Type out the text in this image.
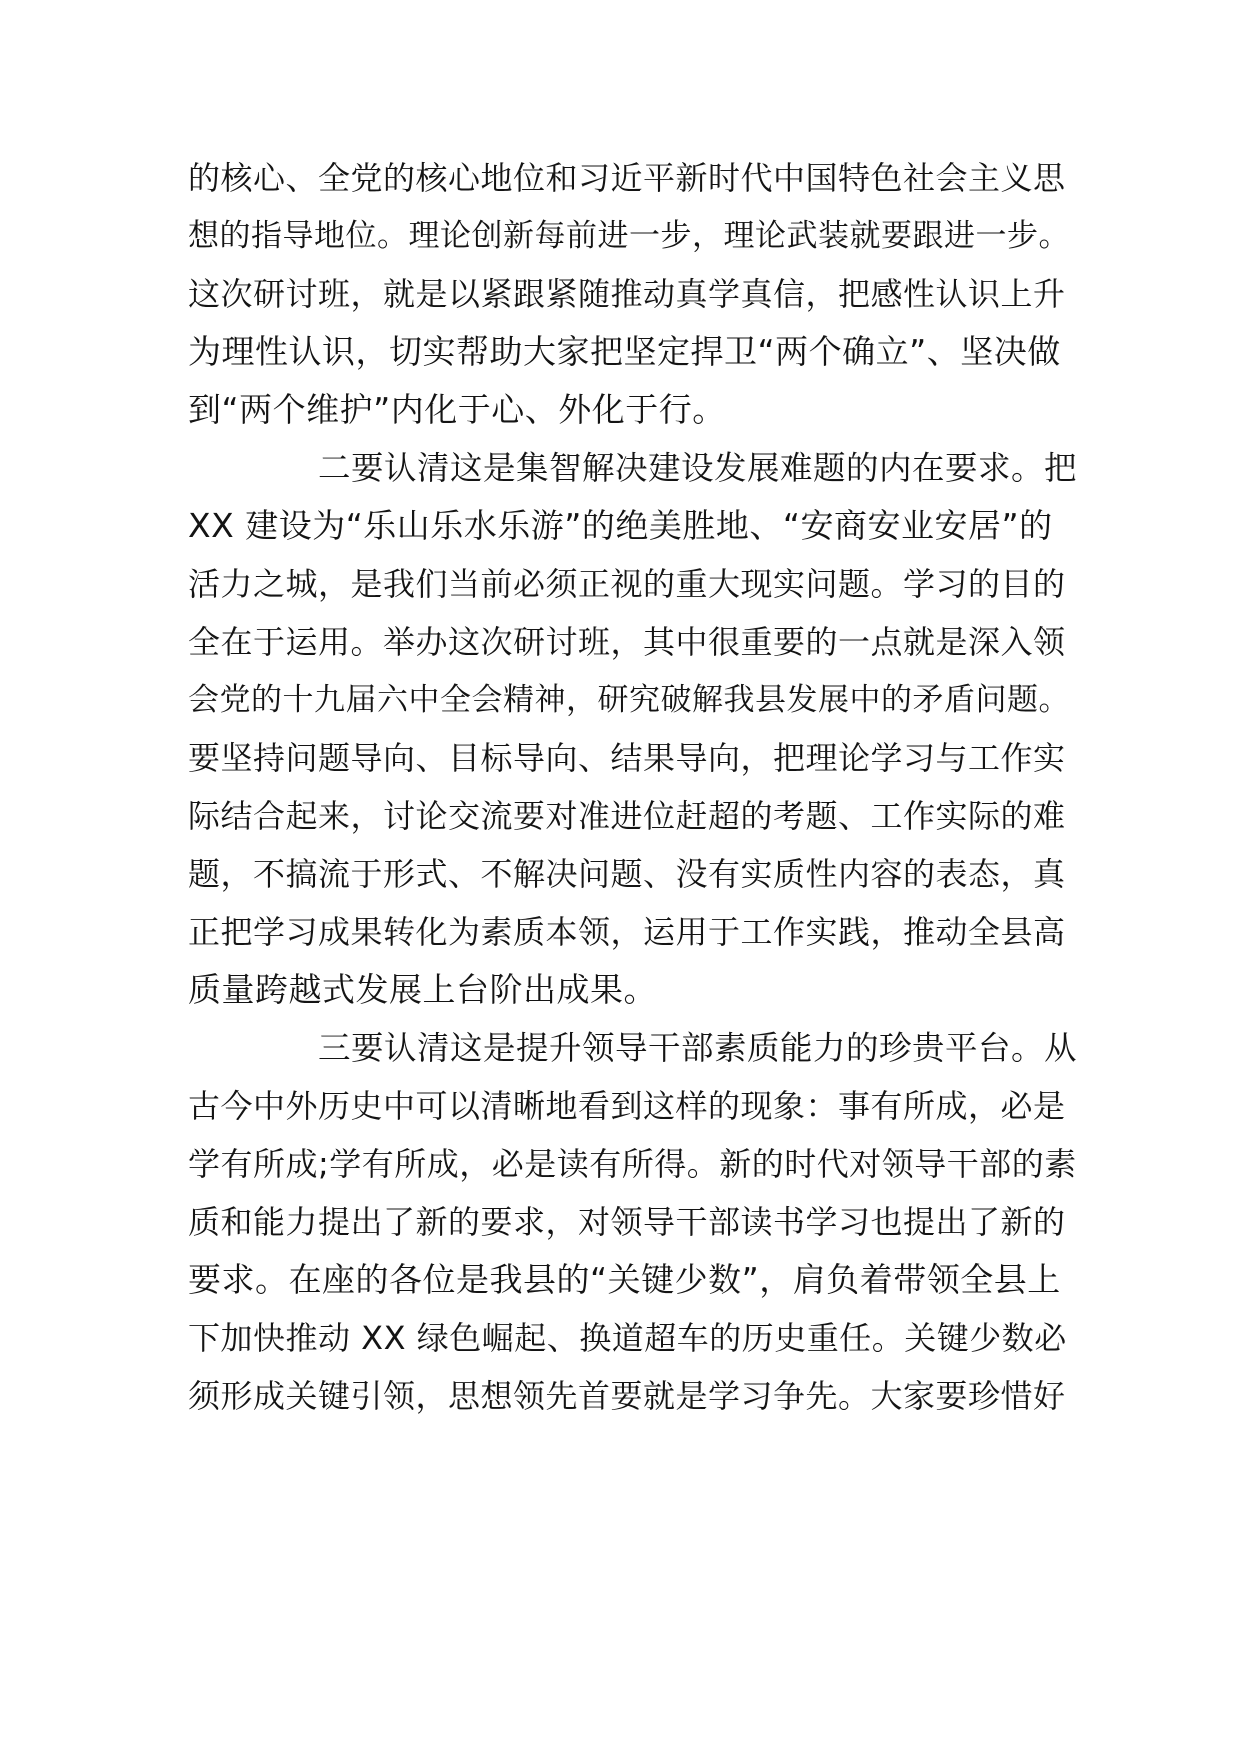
的核心、全党的核心地位和习近平新时代中国特色社会主义思
想的指导地位。理论创新每前进一步，理论武装就要跟进一步。
这次研讨班，就是以紧跟紧随推动真学真信，把感性认识上升
为理性认识，切实帮助大家把坚定捍卫“两个确立”、坚决做
到“两个维护”内化于心、外化于行。
二要认清这是集智解决建设发展难题的内在要求。把
XX 建设为“乐山乐水乐游”的绝美胜地、“安商安业安居”的
活力之城，是我们当前必须正视的重大现实问题。学习的目的
全在于运用。举办这次研讨班，其中很重要的一点就是深入领
会党的十九届六中全会精神，研究破解我县发展中的矛盾问题。
要坚持问题导向、目标导向、结果导向，把理论学习与工作实
际结合起来，讨论交流要对准进位赶超的考题、工作实际的难
题，不搞流于形式、不解决问题、没有实质性内容的表态，真
正把学习成果转化为素质本领，运用于工作实践，推动全县高
质量跨越式发展上台阶出成果。
三要认清这是提升领导干部素质能力的珍贵平台。从
古今中外历史中可以清晰地看到这样的现象：事有所成，必是
学有所成;学有所成，必是读有所得。新的时代对领导干部的素
质和能力提出了新的要求，对领导干部读书学习也提出了新的
要求。在座的各位是我县的“关键少数”，肩负着带领全县上
下加快推动 XX 绿色崛起、换道超车的历史重任。关键少数必
须形成关键引领，思想领先首要就是学习争先。大家要珍惜好
